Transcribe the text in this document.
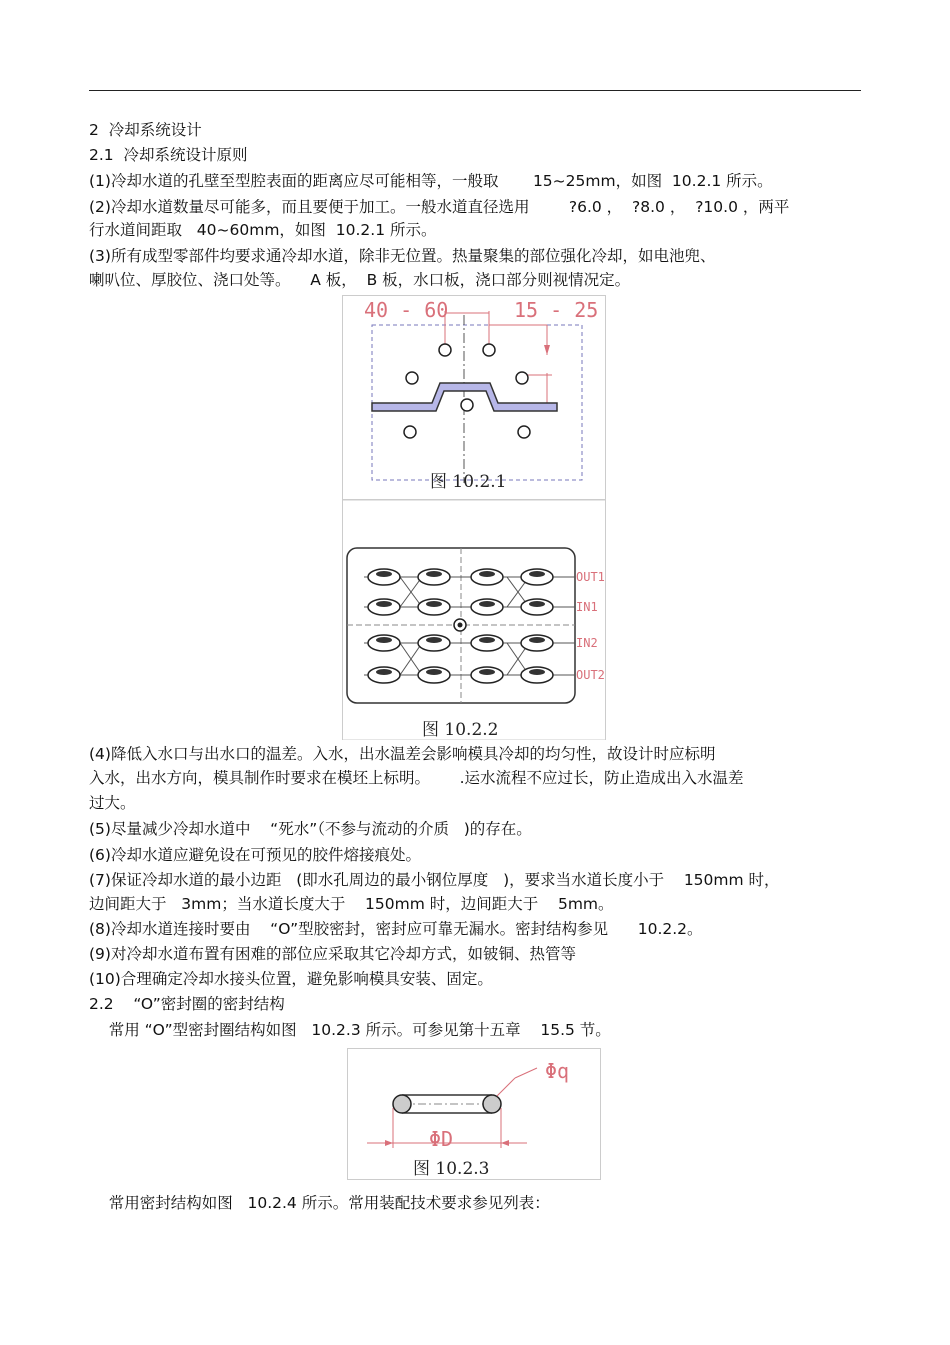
2  冷却系统设计
2.1  冷却系统设计原则
(1)冷却水道的孔壁至型腔表面的距离应尽可能相等，一般取       15~25mm，如图  10.2.1 所示。
(2)冷却水道数量尽可能多，而且要便于加工。一般水道直径选用        ?6.0 ，  ?8.0 ，  ?10.0 ，两平
行水道间距取   40~60mm，如图  10.2.1 所示。
(3)所有成型零部件均要求通冷却水道，除非无位置。热量聚集的部位强化冷却，如电池兜、
喇叭位、厚胶位、浇口处等。    A 板，  B 板，水口板，浇口部分则视情况定。
40 - 60	15 - 25
图 10.2.1
OUT1
IN1
IN2
OUT2
图 10.2.2
(4)降低入水口与出水口的温差。入水，出水温差会影响模具冷却的均匀性，故设计时应标明
入水，出水方向，模具制作时要求在模坯上标明。      .运水流程不应过长，防止造成出入水温差
过大。
(5)尽量减少冷却水道中    “死水”（不参与流动的介质   )的存在。
(6)冷却水道应避免设在可预见的胶件熔接痕处。
(7)保证冷却水道的最小边距   (即水孔周边的最小钢位厚度   )，要求当水道长度小于    150mm 时，
边间距大于   3mm；当水道长度大于    150mm 时，边间距大于    5mm。
(8)冷却水道连接时要由    “O”型胶密封，密封应可靠无漏水。密封结构参见      10.2.2。
(9)对冷却水道布置有困难的部位应采取其它冷却方式，如铍铜、热管等
(10)合理确定冷却水接头位置，避免影响模具安装、固定。
2.2    “O”密封圈的密封结构
常用 “O”型密封圈结构如图   10.2.3 所示。可参见第十五章    15.5 节。
Φq
ΦD
图 10.2.3
常用密封结构如图   10.2.4 所示。常用装配技术要求参见列表：
